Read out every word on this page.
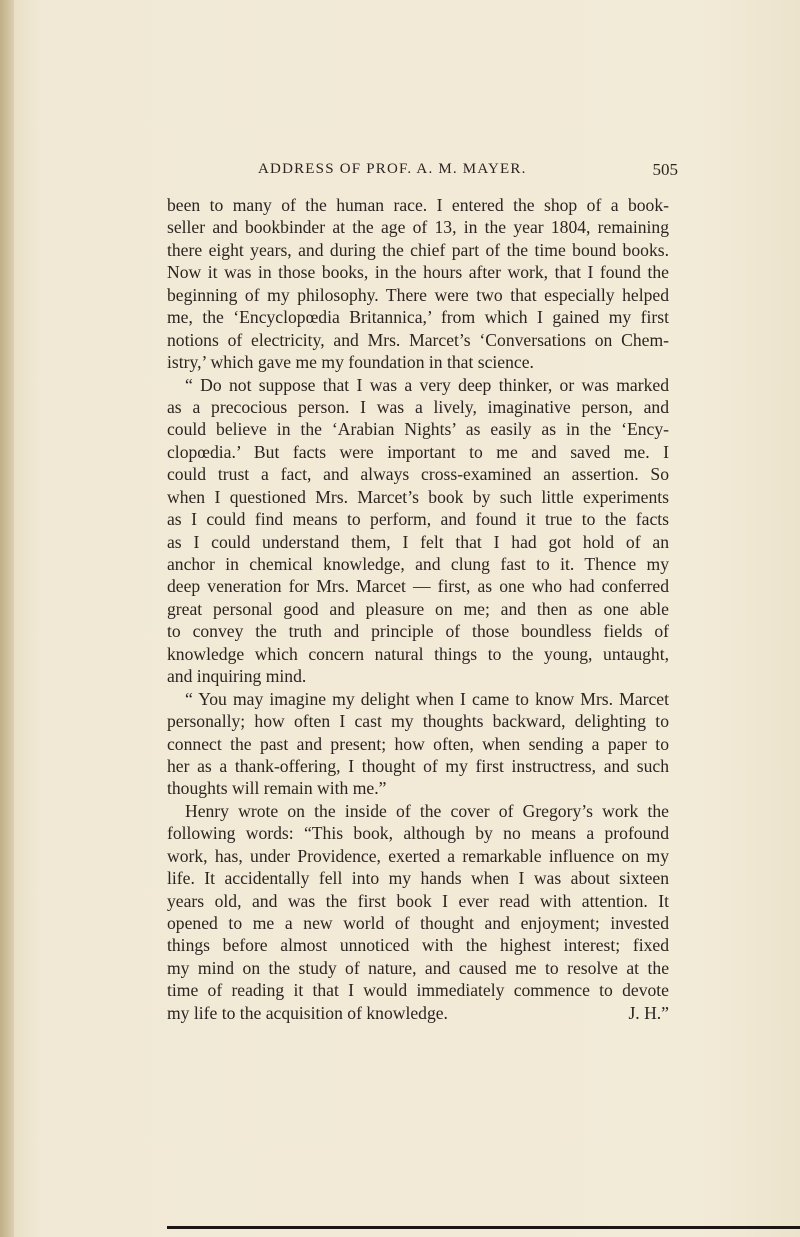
ADDRESS OF PROF. A. M. MAYER.	505
been to many of the human race. I entered the shop of a book-
seller and bookbinder at the age of 13, in the year 1804, remaining
there eight years, and during the chief part of the time bound books.
Now it was in those books, in the hours after work, that I found the
beginning of my philosophy. There were two that especially helped
me, the ‘Encyclopœdia Britannica,’ from which I gained my first
notions of electricity, and Mrs. Marcet’s ‘Conversations on Chem-
istry,’ which gave me my foundation in that science.
“ Do not suppose that I was a very deep thinker, or was marked
as a precocious person. I was a lively, imaginative person, and
could believe in the ‘Arabian Nights’ as easily as in the ‘Ency-
clopœdia.’ But facts were important to me and saved me. I
could trust a fact, and always cross-examined an assertion. So
when I questioned Mrs. Marcet’s book by such little experiments
as I could find means to perform, and found it true to the facts
as I could understand them, I felt that I had got hold of an
anchor in chemical knowledge, and clung fast to it. Thence my
deep veneration for Mrs. Marcet — first, as one who had conferred
great personal good and pleasure on me; and then as one able
to convey the truth and principle of those boundless fields of
knowledge which concern natural things to the young, untaught,
and inquiring mind.
“ You may imagine my delight when I came to know Mrs. Marcet
personally; how often I cast my thoughts backward, delighting to
connect the past and present; how often, when sending a paper to
her as a thank-offering, I thought of my first instructress, and such
thoughts will remain with me.”
Henry wrote on the inside of the cover of Gregory’s work the
following words: “This book, although by no means a profound
work, has, under Providence, exerted a remarkable influence on my
life. It accidentally fell into my hands when I was about sixteen
years old, and was the first book I ever read with attention. It
opened to me a new world of thought and enjoyment; invested
things before almost unnoticed with the highest interest; fixed
my mind on the study of nature, and caused me to resolve at the
time of reading it that I would immediately commence to devote
my life to the acquisition of knowledge.	J. H.”
